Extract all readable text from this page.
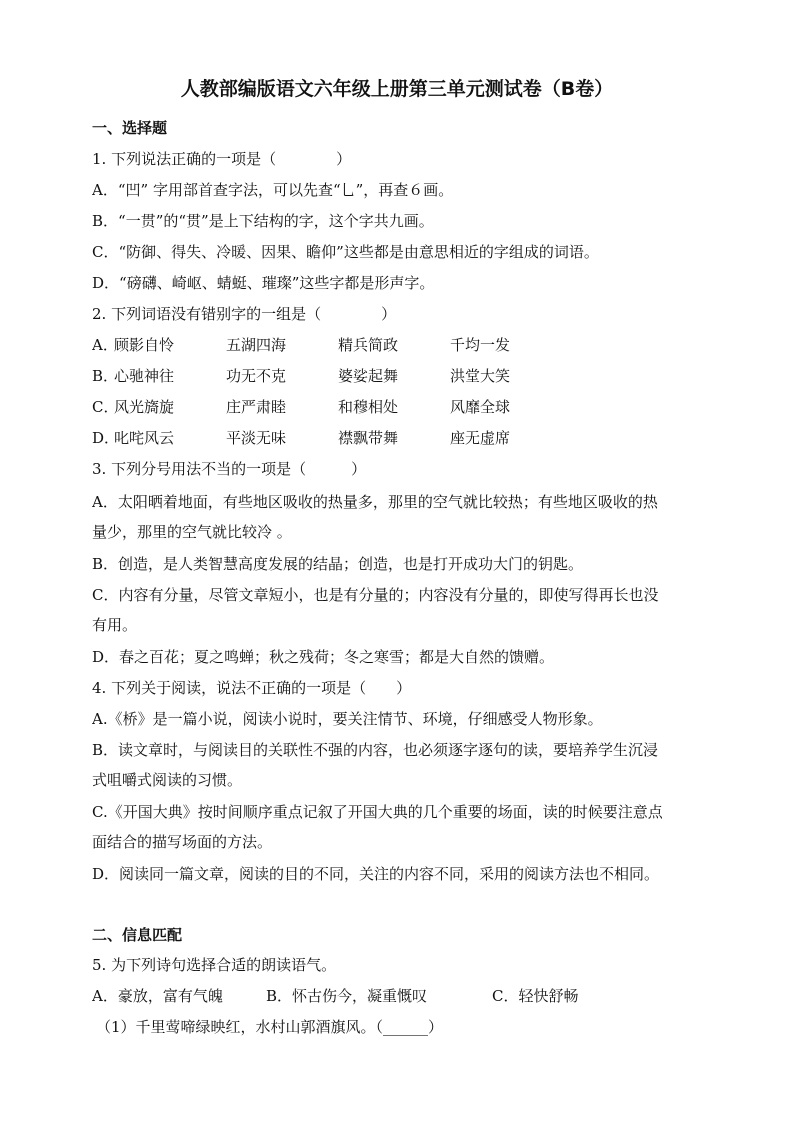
人教部编版语文六年级上册第三单元测试卷（B卷）
一、选择题
1. 下列说法正确的一项是（　　　　）
A．“凹” 字用部首查字法，可以先查“乚”，再查６画。
B．“一贯”的“贯”是上下结构的字，这个字共九画。
C．“防御、得失、冷暖、因果、瞻仰”这些都是由意思相近的字组成的词语。
D．“磅礴、崎岖、蜻蜓、璀璨”这些字都是形声字。
2. 下列词语没有错别字的一组是（　　　　）
A．顾影自怜	五湖四海	精兵简政	千均一发
B．心驰神往	功无不克	婆娑起舞	洪堂大笑
C．风光旖旋	庄严肃睦	和穆相处	风靡全球
D．叱咤风云	平淡无味	襟飘带舞	座无虚席
3. 下列分号用法不当的一项是（　　　）
A．太阳晒着地面，有些地区吸收的热量多，那里的空气就比较热；有些地区吸收的热
量少，那里的空气就比较冷 。
B．创造，是人类智慧高度发展的结晶；创造，也是打开成功大门的钥匙。
C．内容有分量，尽管文章短小，也是有分量的；内容没有分量的，即使写得再长也没
有用。
D．春之百花；夏之鸣蝉；秋之残荷；冬之寒雪；都是大自然的馈赠。
4. 下列关于阅读，说法不正确的一项是（　　）
A.《桥》是一篇小说，阅读小说时，要关注情节、环境，仔细感受人物形象。
B．读文章时，与阅读目的关联性不强的内容，也必须逐字逐句的读，要培养学生沉浸
式咀嚼式阅读的习惯。
C.《开国大典》按时间顺序重点记叙了开国大典的几个重要的场面，读的时候要注意点
面结合的描写场面的方法。
D．阅读同一篇文章，阅读的目的不同，关注的内容不同，采用的阅读方法也不相同。
二、信息匹配
5. 为下列诗句选择合适的朗读语气。
A．豪放，富有气魄	B．怀古伤今，凝重慨叹	C．轻快舒畅
（1）千里莺啼绿映红，水村山郭酒旗风。（______）
